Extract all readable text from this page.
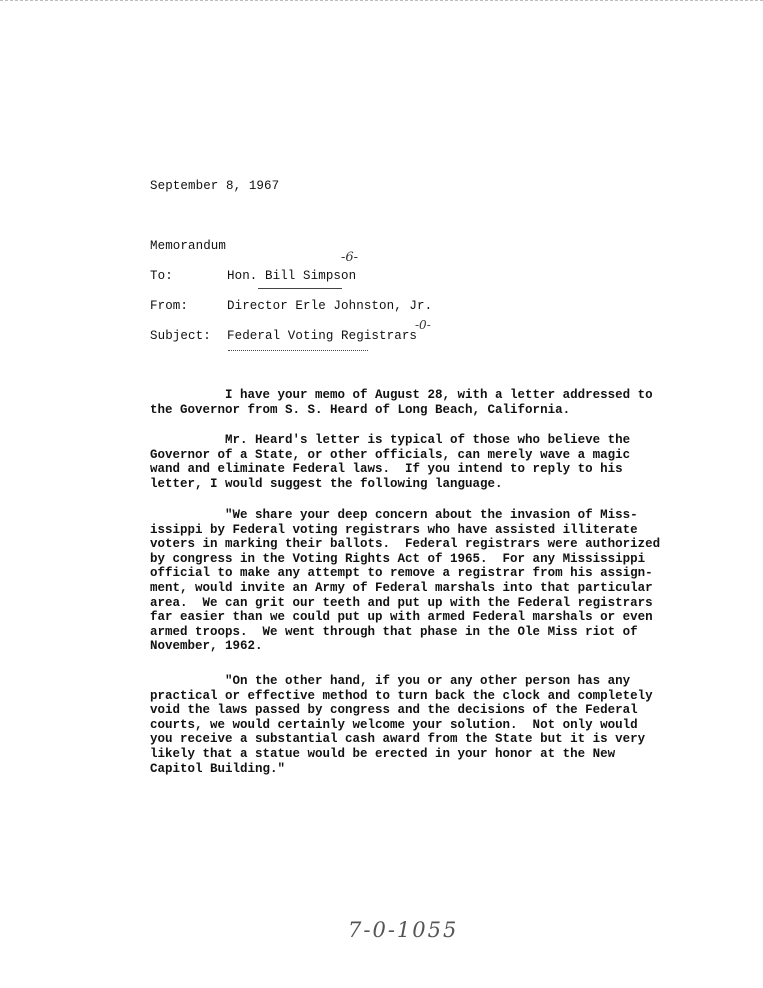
September 8, 1967
Memorandum
To:	Hon. Bill Simpson
-6-
From:	Director Erle Johnston, Jr.
Subject: Federal Voting Registrars
-0-
I have your memo of August 28, with a letter addressed to
the Governor from S. S. Heard of Long Beach, California.
Mr. Heard's letter is typical of those who believe the
Governor of a State, or other officials, can merely wave a magic
wand and eliminate Federal laws.  If you intend to reply to his
letter, I would suggest the following language.
"We share your deep concern about the invasion of Miss-
issippi by Federal voting registrars who have assisted illiterate
voters in marking their ballots.  Federal registrars were authorized
by congress in the Voting Rights Act of 1965.  For any Mississippi
official to make any attempt to remove a registrar from his assign-
ment, would invite an Army of Federal marshals into that particular
area.  We can grit our teeth and put up with the Federal registrars
far easier than we could put up with armed Federal marshals or even
armed troops.  We went through that phase in the Ole Miss riot of
November, 1962.
"On the other hand, if you or any other person has any
practical or effective method to turn back the clock and completely
void the laws passed by congress and the decisions of the Federal
courts, we would certainly welcome your solution.  Not only would
you receive a substantial cash award from the State but it is very
likely that a statue would be erected in your honor at the New
Capitol Building."
7-0-1055
